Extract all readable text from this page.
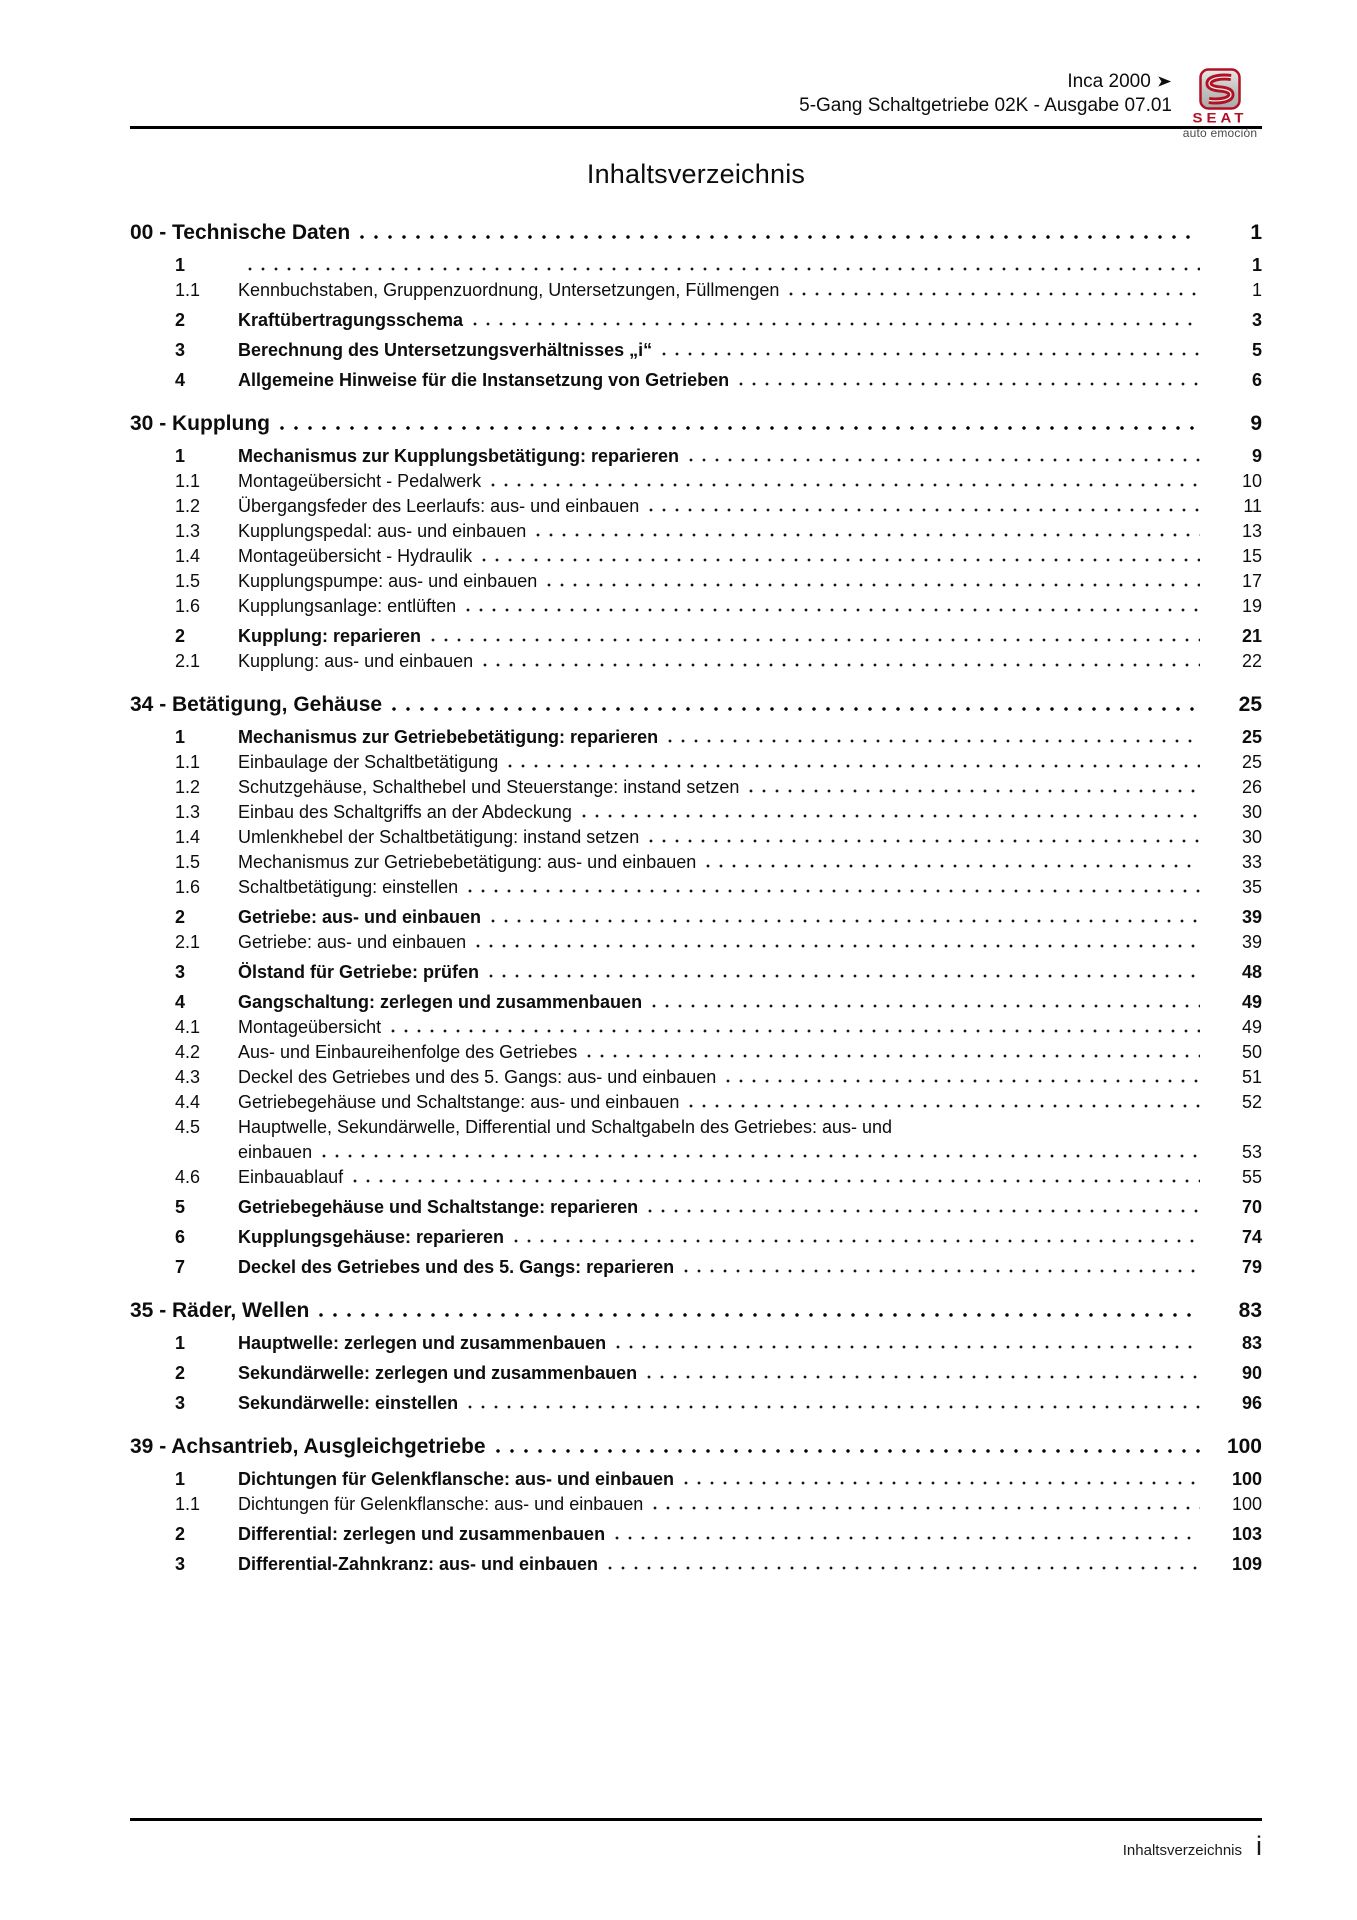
Inca 2000 ➤
5-Gang Schaltgetriebe 02K - Ausgabe 07.01
SEAT
auto emoción
Inhaltsverzeichnis
00 - Technische Daten	1
1	1
1.1	Kennbuchstaben, Gruppenzuordnung, Untersetzungen, Füllmengen	1
2	Kraftübertragungsschema	3
3	Berechnung des Untersetzungsverhältnisses „i“	5
4	Allgemeine Hinweise für die Instansetzung von Getrieben	6
30 - Kupplung	9
1	Mechanismus zur Kupplungsbetätigung: reparieren	9
1.1	Montageübersicht - Pedalwerk	10
1.2	Übergangsfeder des Leerlaufs: aus- und einbauen	11
1.3	Kupplungspedal: aus- und einbauen	13
1.4	Montageübersicht - Hydraulik	15
1.5	Kupplungspumpe: aus- und einbauen	17
1.6	Kupplungsanlage: entlüften	19
2	Kupplung: reparieren	21
2.1	Kupplung: aus- und einbauen	22
34 - Betätigung, Gehäuse	25
1	Mechanismus zur Getriebebetätigung: reparieren	25
1.1	Einbaulage der Schaltbetätigung	25
1.2	Schutzgehäuse, Schalthebel und Steuerstange: instand setzen	26
1.3	Einbau des Schaltgriffs an der Abdeckung	30
1.4	Umlenkhebel der Schaltbetätigung: instand setzen	30
1.5	Mechanismus zur Getriebebetätigung: aus- und einbauen	33
1.6	Schaltbetätigung: einstellen	35
2	Getriebe: aus- und einbauen	39
2.1	Getriebe: aus- und einbauen	39
3	Ölstand für Getriebe: prüfen	48
4	Gangschaltung: zerlegen und zusammenbauen	49
4.1	Montageübersicht	49
4.2	Aus- und Einbaureihenfolge des Getriebes	50
4.3	Deckel des Getriebes und des 5. Gangs: aus- und einbauen	51
4.4	Getriebegehäuse und Schaltstange: aus- und einbauen	52
4.5	Hauptwelle, Sekundärwelle, Differential und Schaltgabeln des Getriebes: aus- und
einbauen	53
4.6	Einbauablauf	55
5	Getriebegehäuse und Schaltstange: reparieren	70
6	Kupplungsgehäuse: reparieren	74
7	Deckel des Getriebes und des 5. Gangs: reparieren	79
35 - Räder, Wellen	83
1	Hauptwelle: zerlegen und zusammenbauen	83
2	Sekundärwelle: zerlegen und zusammenbauen	90
3	Sekundärwelle: einstellen	96
39 - Achsantrieb, Ausgleichgetriebe	100
1	Dichtungen für Gelenkflansche: aus- und einbauen	100
1.1	Dichtungen für Gelenkflansche: aus- und einbauen	100
2	Differential: zerlegen und zusammenbauen	103
3	Differential-Zahnkranz: aus- und einbauen	109
Inhaltsverzeichnis i
